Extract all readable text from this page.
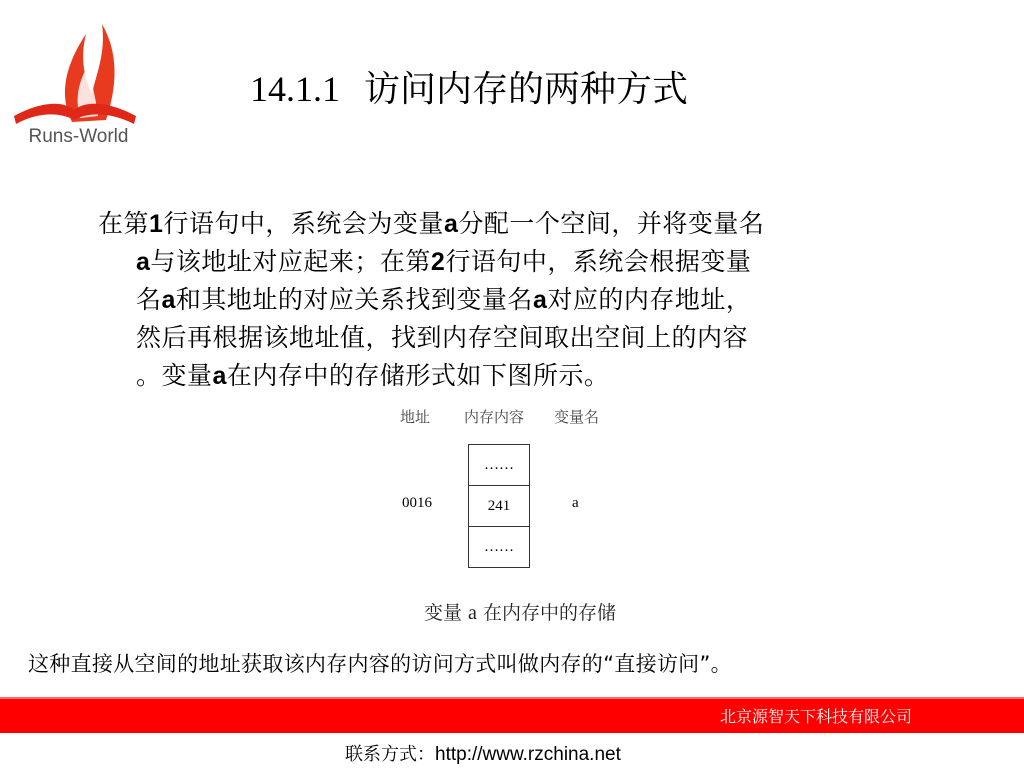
Runs-World
14.1.1 访问内存的两种方式
在第1行语句中，系统会为变量a分配一个空间，并将变量名
a与该地址对应起来；在第2行语句中，系统会根据变量
名a和其地址的对应关系找到变量名a对应的内存地址，
然后再根据该地址值，找到内存空间取出空间上的内容
。变量a在内存中的存储形式如下图所示。
地址 内存内容 变量名
……
241
……
0016	a
变量 a 在内存中的存储
这种直接从空间的地址获取该内存内容的访问方式叫做内存的“直接访问”。
北京源智天下科技有限公司
联系方式：http://www.rzchina.net
